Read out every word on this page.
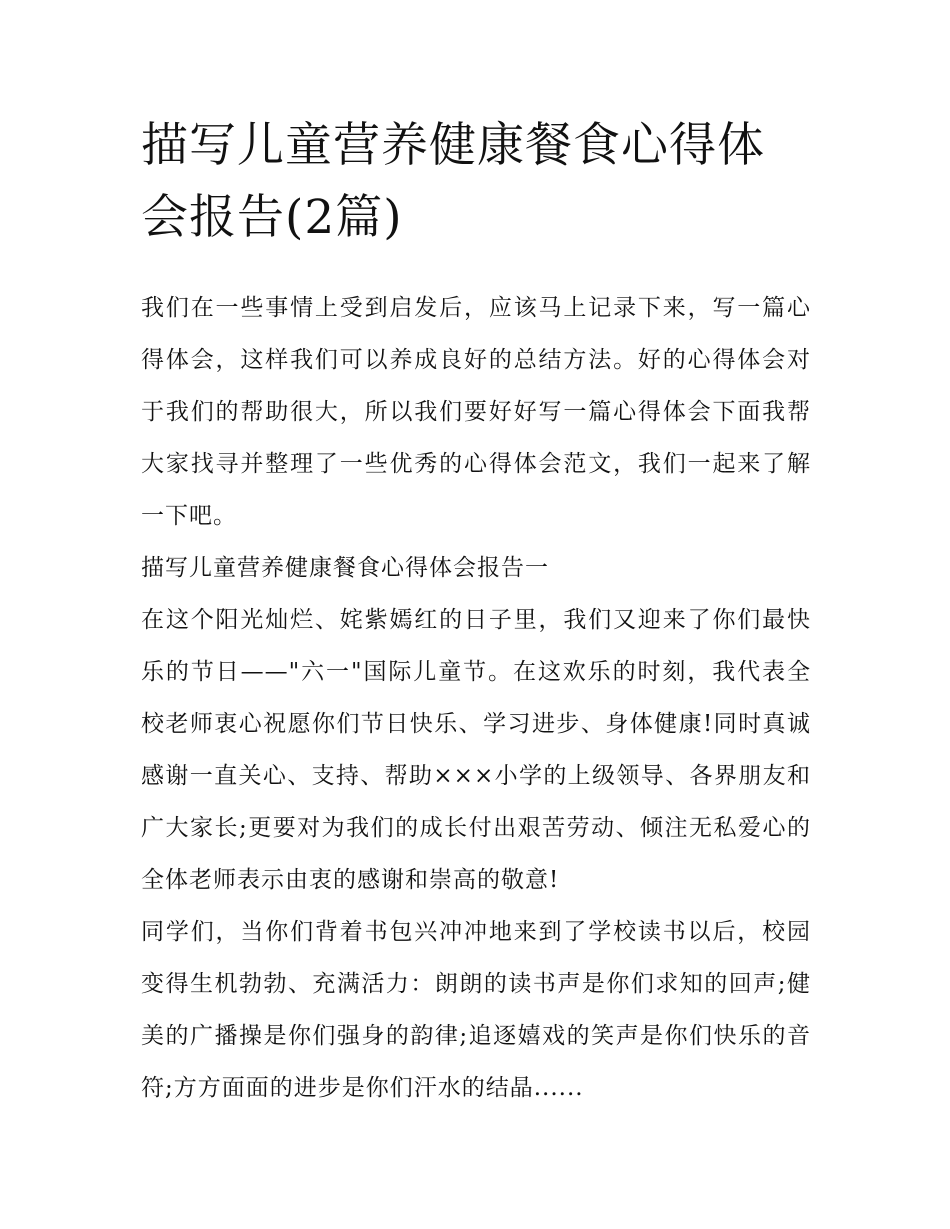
描写儿童营养健康餐食心得体会报告(2篇)

我们在一些事情上受到启发后，应该马上记录下来，写一篇心得体会，这样我们可以养成良好的总结方法。好的心得体会对于我们的帮助很大，所以我们要好好写一篇心得体会下面我帮大家找寻并整理了一些优秀的心得体会范文，我们一起来了解一下吧。

描写儿童营养健康餐食心得体会报告一

在这个阳光灿烂、姹紫嫣红的日子里，我们又迎来了你们最快乐的节日——"六一"国际儿童节。在这欢乐的时刻，我代表全校老师衷心祝愿你们节日快乐、学习进步、身体健康!同时真诚感谢一直关心、支持、帮助×××小学的上级领导、各界朋友和广大家长;更要对为我们的成长付出艰苦劳动、倾注无私爱心的全体老师表示由衷的感谢和崇高的敬意!

同学们，当你们背着书包兴冲冲地来到了学校读书以后，校园变得生机勃勃、充满活力：朗朗的读书声是你们求知的回声;健美的广播操是你们强身的韵律;追逐嬉戏的笑声是你们快乐的音符;方方面面的进步是你们汗水的结晶......
